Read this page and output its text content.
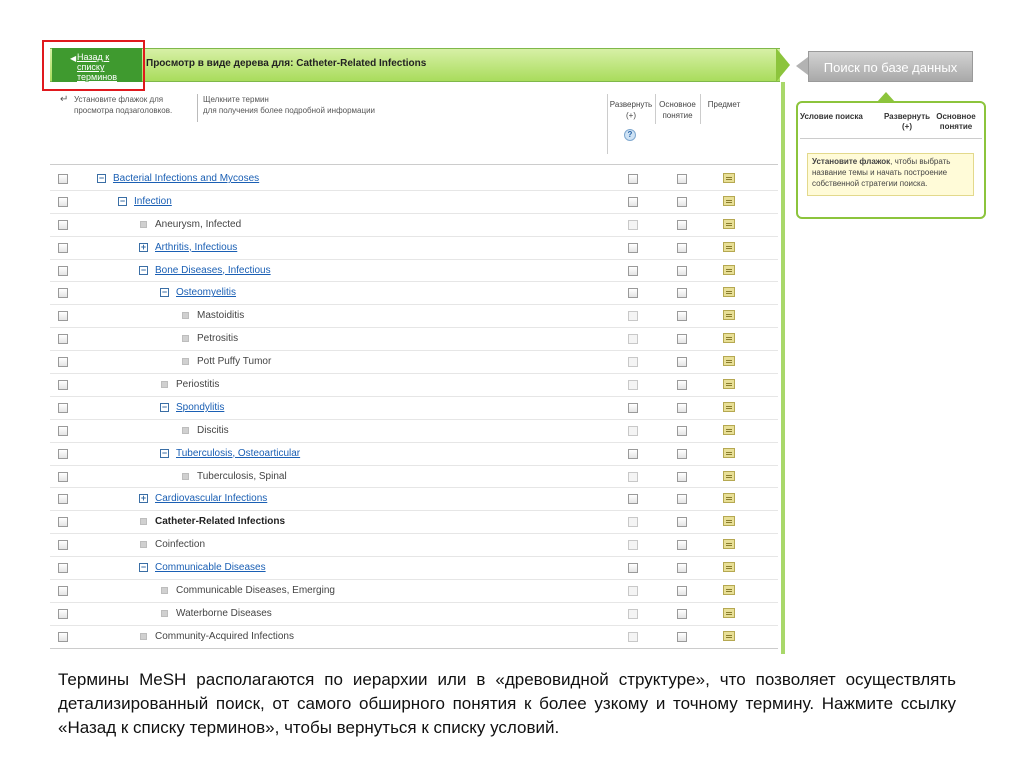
◀ Назад к
списку
терминов
Просмотр в виде дерева для: Catheter-Related Infections	Поиск по базе данных
Условие поиска	Развернуть
(+)
Основное
понятие
Установите флажок, чтобы выбрать название темы и начать построение собственной стратегии поиска.
↵ Установите флажок для
просмотра подзаголовков.
Щелкните термин
для получения более подробной информации
Развернуть
(+)
Основное
понятие
Предмет
?
− Bacterial Infections and Mycoses
− Infection
Aneurysm, Infected
+ Arthritis, Infectious
− Bone Diseases, Infectious
− Osteomyelitis
Mastoiditis
Petrositis
Pott Puffy Tumor
Periostitis
− Spondylitis
Discitis
− Tuberculosis, Osteoarticular
Tuberculosis, Spinal
+ Cardiovascular Infections
Catheter-Related Infections
Coinfection
− Communicable Diseases
Communicable Diseases, Emerging
Waterborne Diseases
Community-Acquired Infections
Термины MeSH располагаются по иерархии или в «древовидной структуре», что позволяет осуществлять детализированный поиск, от самого обширного понятия к более узкому и точному термину. Нажмите ссылку «Назад к списку терминов», чтобы вернуться к списку условий.
